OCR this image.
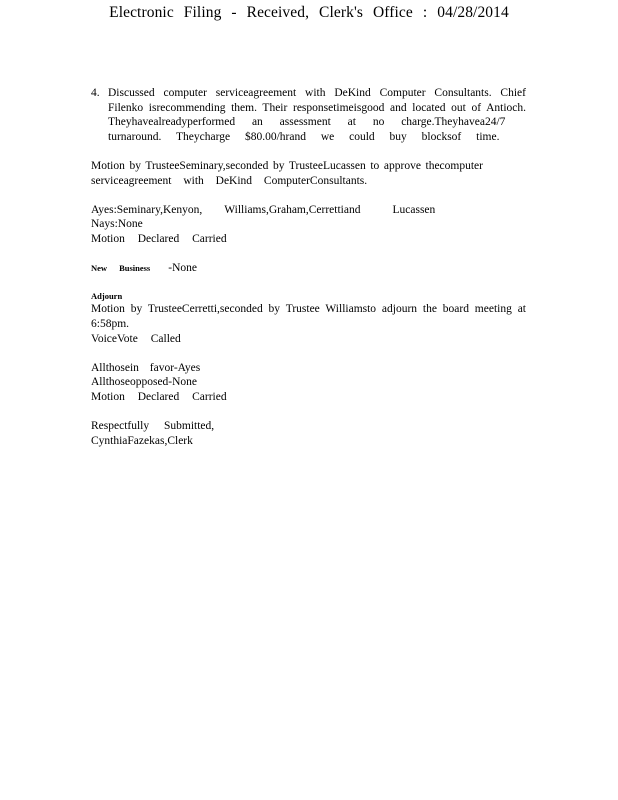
Electronic Filing - Received, Clerk's Office : 04/28/2014
4. Discussed computer serviceagreement with DeKind Computer Consultants. Chief
Filenko isrecommending them. Their responsetimeisgood and located out of Antioch.
Theyhavealreadyperformed an assessment at no charge.Theyhavea24/7
turnaround. Theycharge $80.00/hrand we could buy blocksof time.
Motion by TrusteeSeminary,seconded by TrusteeLucassen to approve thecomputer
serviceagreement with DeKind ComputerConsultants.
Ayes:Seminary,Kenyon, Williams,Graham,Cerrettiand	Lucassen
Nays:None
Motion Declared Carried
New Business -None
Adjourn
Motion by TrusteeCerretti,seconded by Trustee Williamsto adjourn the board meeting at
6:58pm.
VoiceVote Called
Allthosein favor-Ayes
Allthoseopposed-None
Motion Declared Carried
Respectfully Submitted,
CynthiaFazekas,Clerk
